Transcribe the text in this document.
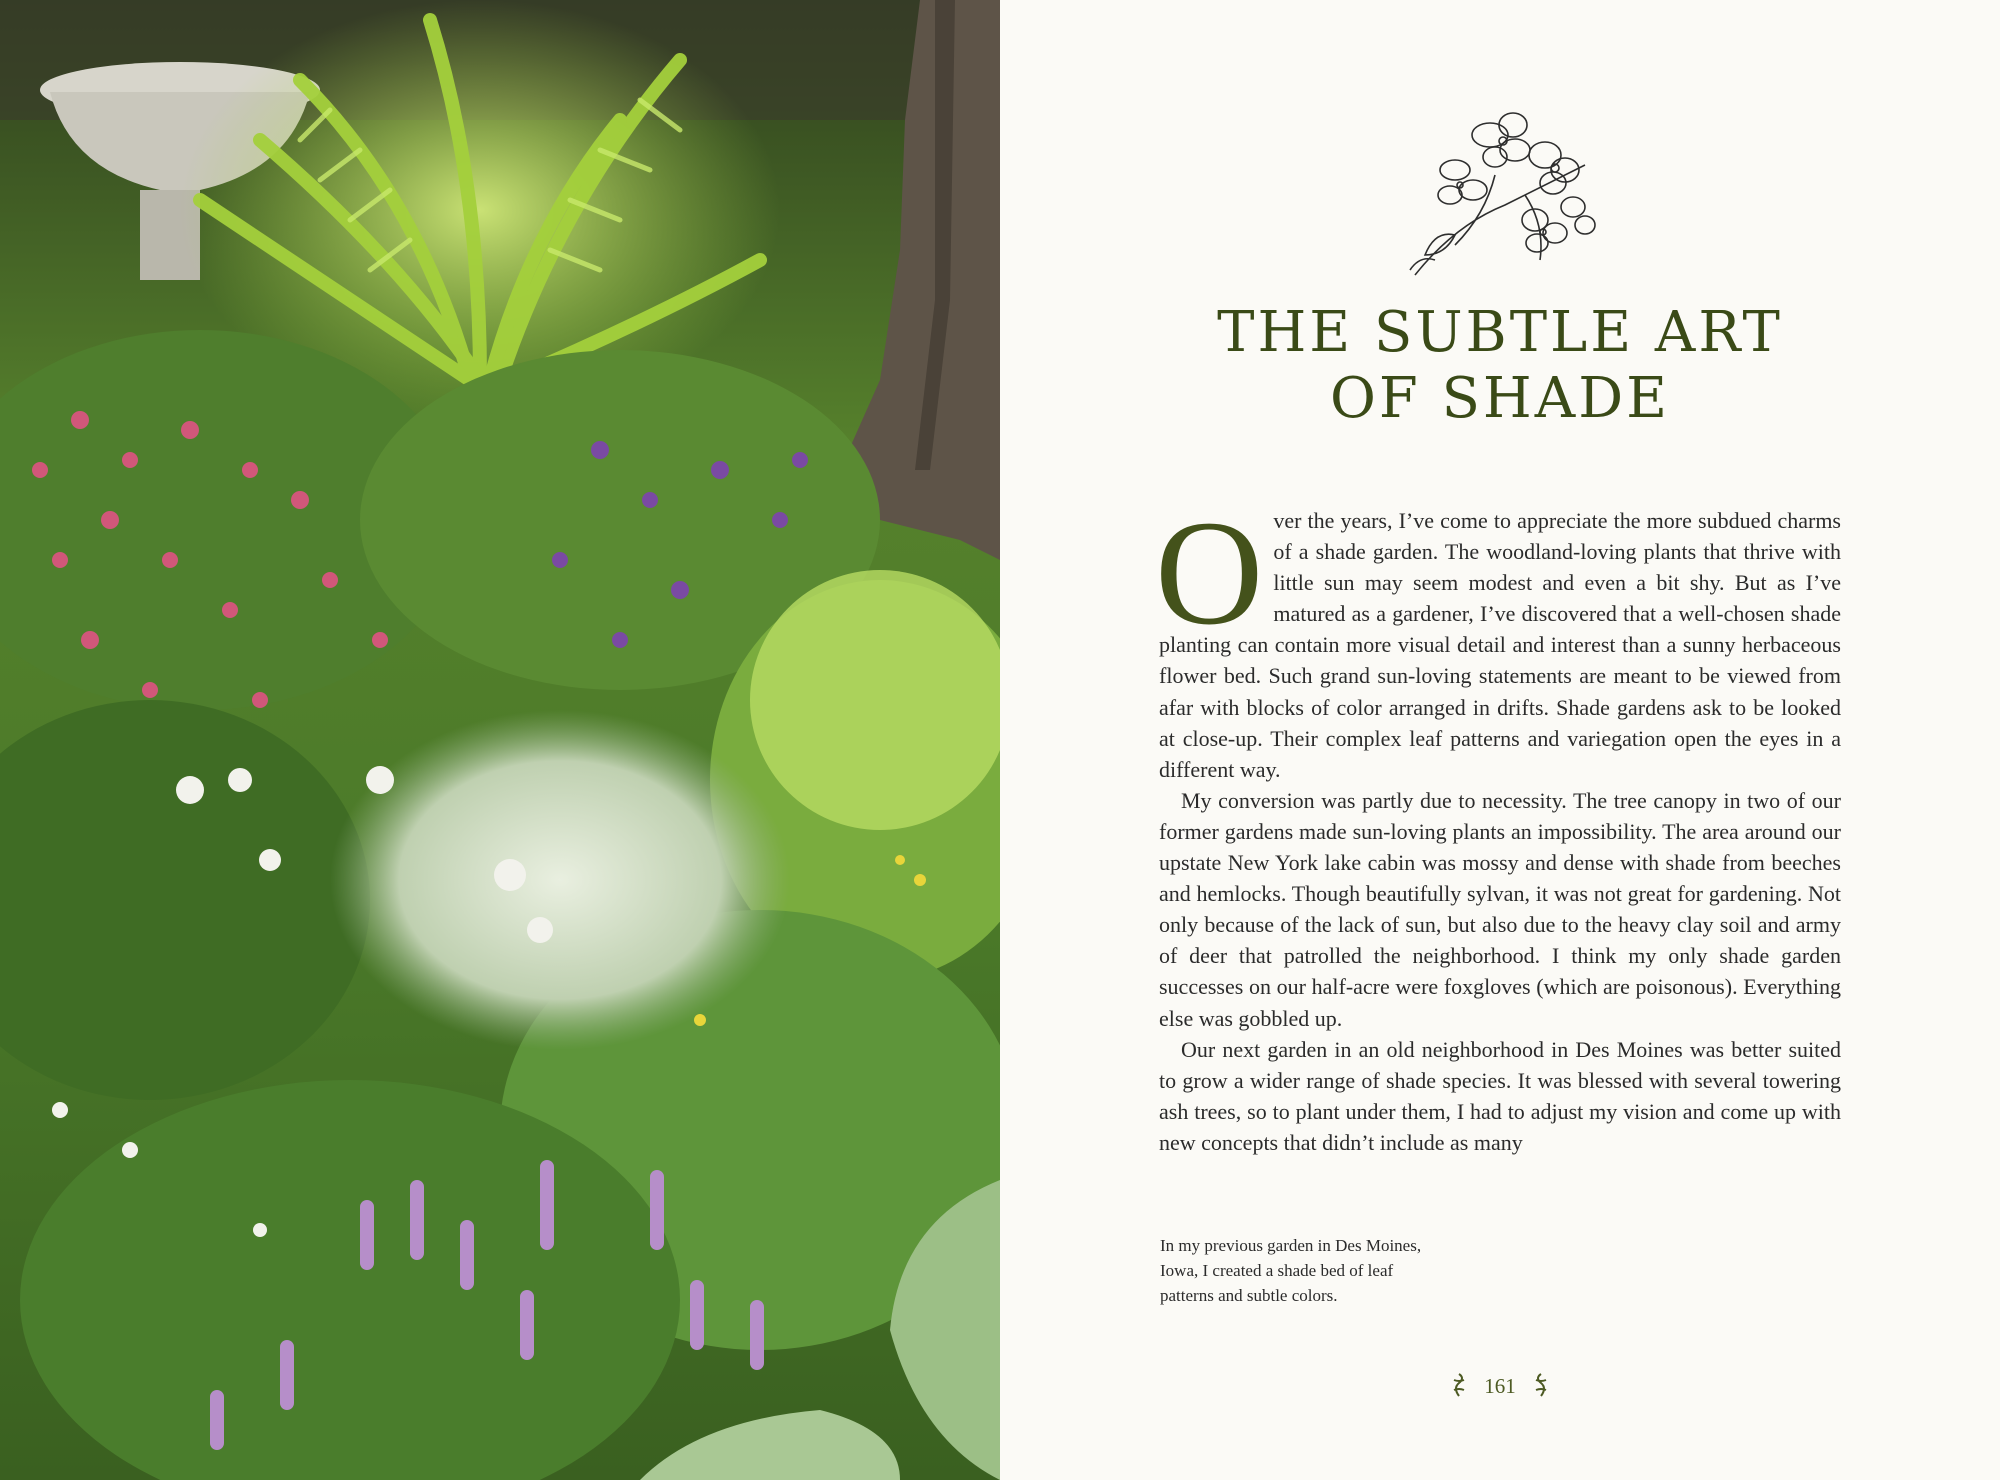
THE SUBTLE ART
OF SHADE

Over the years, I’ve come to appreciate the more subdued charms of a shade garden. The woodland-loving plants that thrive with little sun may seem modest and even a bit shy. But as I’ve matured as a gardener, I’ve discovered that a well-chosen shade planting can contain more visual detail and interest than a sunny herbaceous flower bed. Such grand sun-loving statements are meant to be viewed from afar with blocks of color arranged in drifts. Shade gardens ask to be looked at close-up. Their complex leaf patterns and variegation open the eyes in a different way.

My conversion was partly due to necessity. The tree canopy in two of our former gardens made sun-loving plants an impossibility. The area around our upstate New York lake cabin was mossy and dense with shade from beeches and hemlocks. Though beautifully sylvan, it was not great for gardening. Not only because of the lack of sun, but also due to the heavy clay soil and army of deer that patrolled the neighborhood. I think my only shade garden successes on our half-acre were foxgloves (which are poisonous). Everything else was gobbled up.

Our next garden in an old neighborhood in Des Moines was better suited to grow a wider range of shade species. It was blessed with several towering ash trees, so to plant under them, I had to adjust my vision and come up with new concepts that didn’t include as many

In my previous garden in Des Moines,
Iowa, I created a shade bed of leaf
patterns and subtle colors.
161
